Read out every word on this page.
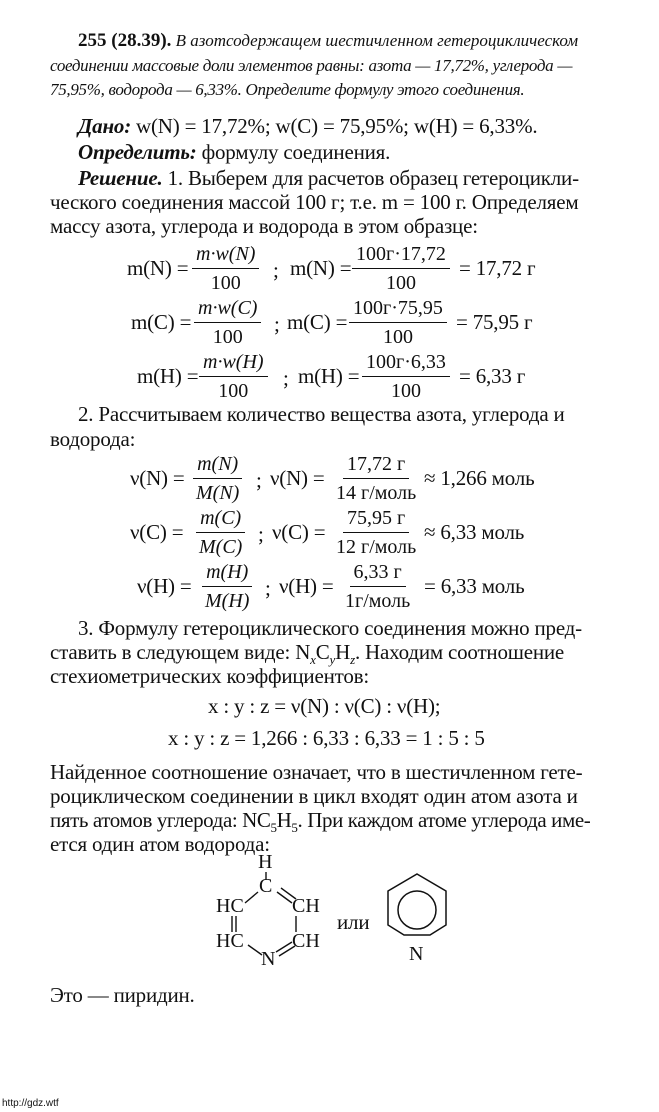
255 (28.39). В азотсодержащем шестичленном гетероциклическом
соединении массовые доли элементов равны: азота — 17,72%, углерода —
75,95%, водорода — 6,33%. Определите формулу этого соединения.
Дано: w(N) = 17,72%; w(C) = 75,95%; w(H) = 6,33%.
Определить: формулу соединения.
Решение. 1. Выберем для расчетов образец гетероцикли-
ческого соединения массой 100 г; т.е. m = 100 г. Определяем
массу азота, углерода и водорода в этом образце:
$m(N) = \frac{m\cdot w(N)}{100}$ ; m(N) =
100г·17,72
100
= 17,72 г
$m(C) = \frac{m\cdot w(C)}{100}$ ; m(C) =
100г·75,95
100
= 75,95 г
$m(H) = \frac{m\cdot w(H)}{100}$ ; m(H) =
100г·6,33
100
= 6,33 г
2. Рассчитываем количество вещества азота, углерода и
водорода:
$\nu(N) = \frac{m(N)}{M(N)}$ ; ν(N) =
17,72 г
14 г/моль
≈ 1,266 моль
$\nu(C) = \frac{m(C)}{M(C)}$ ; ν(C) =
75,95 г
12 г/моль
≈ 6,33 моль
$\nu(H) = \frac{m(H)}{M(H)}$ ; ν(H) =
6,33 г
1г/моль
= 6,33 моль
3. Формулу гетероциклического соединения можно пред-
ставить в следующем виде: $N_xC_yH_z$. Находим соотношение
стехиометрических коэффициентов:
x : y : z = ν(N) : ν(C) : ν(H);
x : y : z = 1,266 : 6,33 : 6,33 = 1 : 5 : 5
Найденное соотношение означает, что в шестичленном гете-
роциклическом соединении в цикл входят один атом азота и
пять атомов углерода: $NC_5H_5$. При каждом атоме углерода име-
ется один атом водорода:
H
C
HC CH
HC CH
N
или
N
Это — пиридин.
http://gdz.wtf
